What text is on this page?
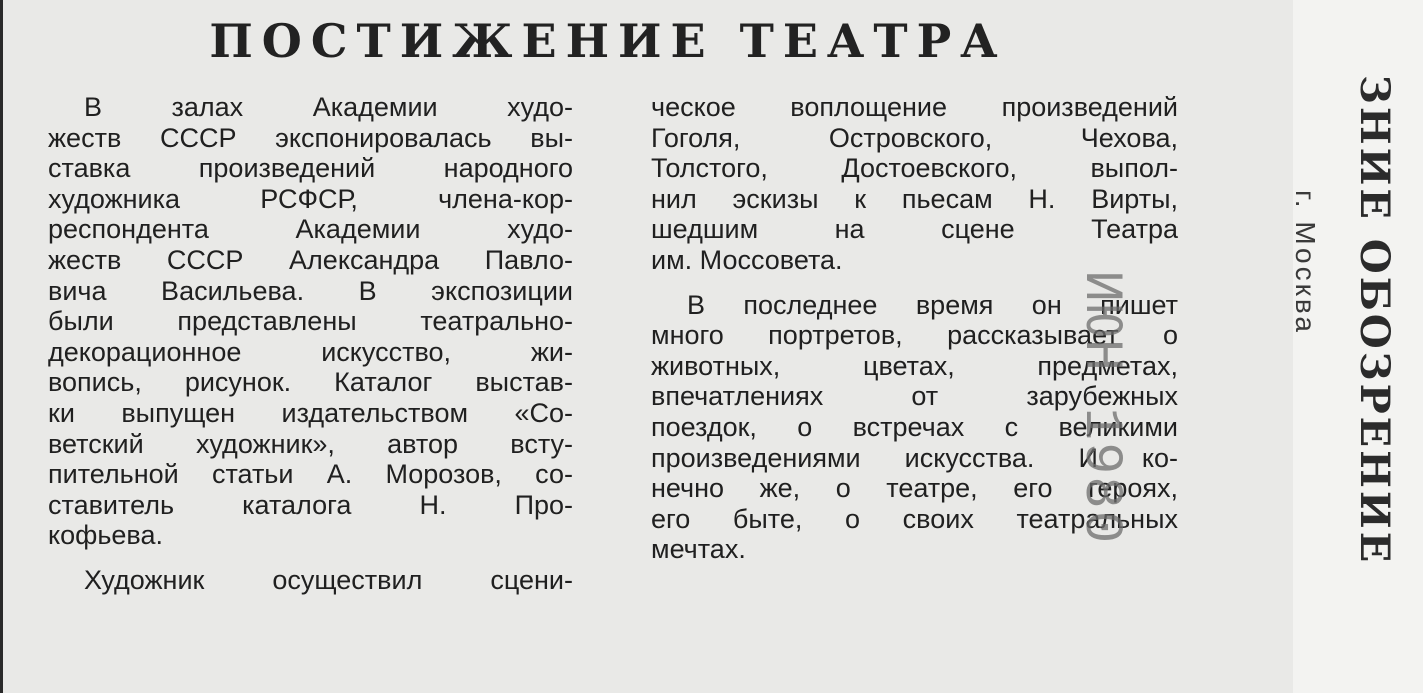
ПОСТИЖЕНИЕ ТЕАТРА

В залах Академии худо-

жеств СССР экспонировалась вы-

ставка произведений народного

художника РСФСР, члена-кор-

респондента Академии худо-

жеств СССР Александра Павло-

вича Васильева. В экспозиции

были представлены театрально-

декорационное искусство, жи-

вопись, рисунок. Каталог выстав-

ки выпущен издательством «Со-

ветский художник», автор всту-

пительной статьи А. Морозов, со-

ставитель каталога Н. Про-

кофьева.

Художник осуществил сцени-

ческое воплощение произведений

Гоголя, Островского, Чехова,

Толстого, Достоевского, выпол-

нил эскизы к пьесам Н. Вирты,

шедшим на сцене Театра

им. Моссовета.

В последнее время он пишет

много портретов, рассказывает о

животных, цветах, предметах,

впечатлениях от зарубежных

поездок, о встречах с великими

произведениями искусства. И ко-

нечно же, о театре, его героях,

его быте, о своих театральных

мечтах.

ИЮН 1980	ЗНИЕ ОБОЗРЕНИЕ
г. Москва
